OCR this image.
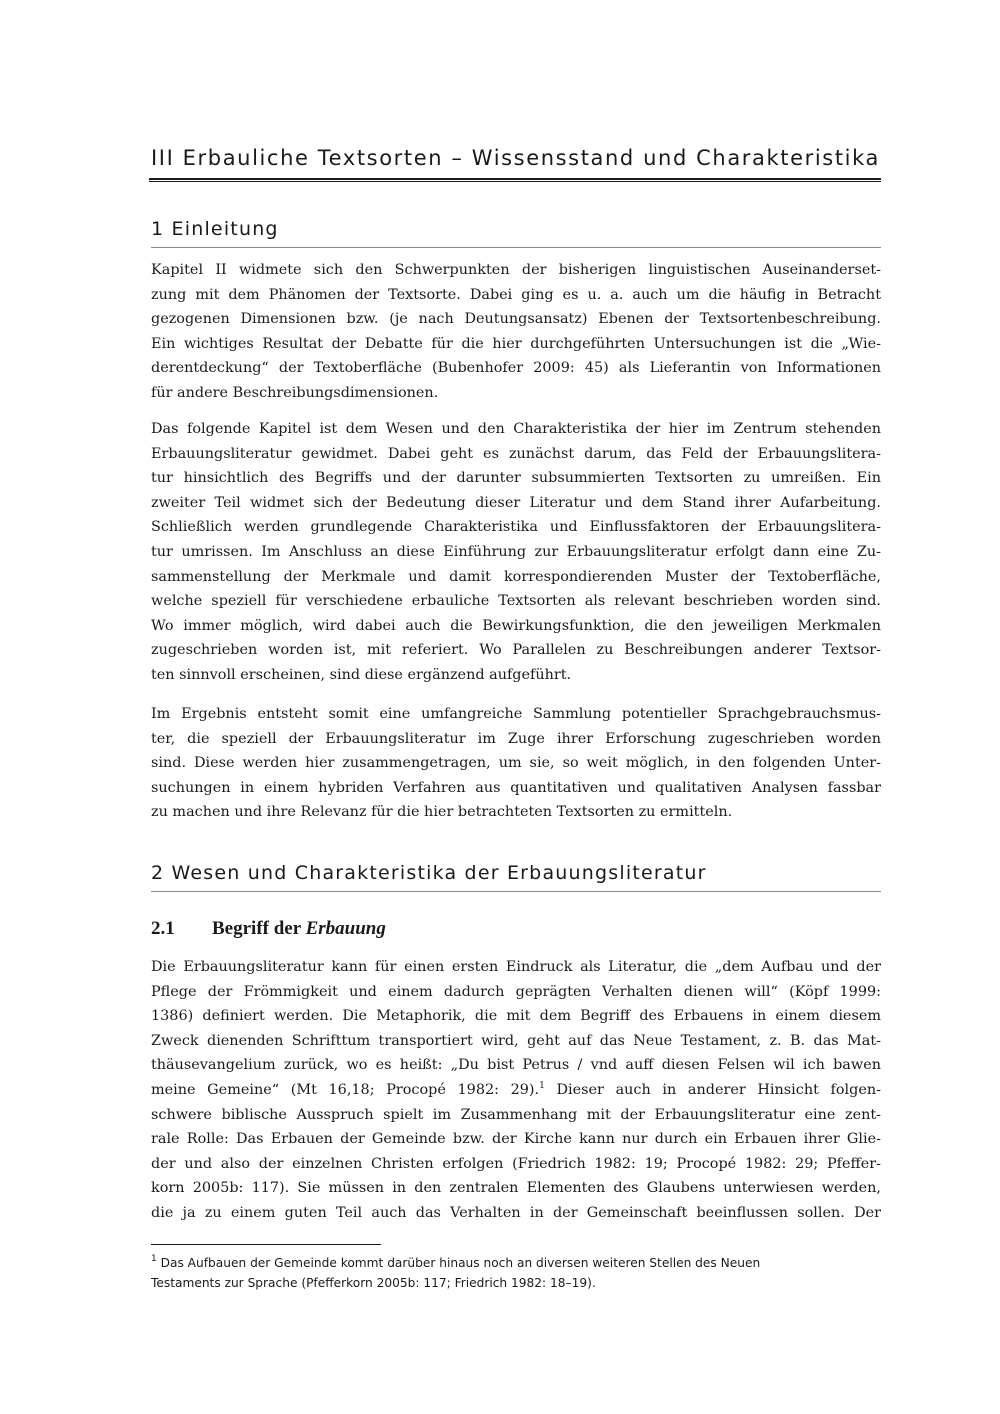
III Erbauliche Textsorten – Wissensstand und Charakteristika
1 Einleitung

Kapitel II widmete sich den Schwerpunkten der bisherigen linguistischen Auseinanderset-
zung mit dem Phänomen der Textsorte. Dabei ging es u. a. auch um die häufig in Betracht
gezogenen Dimensionen bzw. (je nach Deutungsansatz) Ebenen der Textsortenbeschreibung.
Ein wichtiges Resultat der Debatte für die hier durchgeführten Untersuchungen ist die „Wie-
derentdeckung“ der Textoberfläche (Bubenhofer 2009: 45) als Lieferantin von Informationen
für andere Beschreibungsdimensionen.

Das folgende Kapitel ist dem Wesen und den Charakteristika der hier im Zentrum stehenden
Erbauungsliteratur gewidmet. Dabei geht es zunächst darum, das Feld der Erbauungslitera-
tur hinsichtlich des Begriffs und der darunter subsummierten Textsorten zu umreißen. Ein
zweiter Teil widmet sich der Bedeutung dieser Literatur und dem Stand ihrer Aufarbeitung.
Schließlich werden grundlegende Charakteristika und Einflussfaktoren der Erbauungslitera-
tur umrissen. Im Anschluss an diese Einführung zur Erbauungsliteratur erfolgt dann eine Zu-
sammenstellung der Merkmale und damit korrespondierenden Muster der Textoberfläche,
welche speziell für verschiedene erbauliche Textsorten als relevant beschrieben worden sind.
Wo immer möglich, wird dabei auch die Bewirkungsfunktion, die den jeweiligen Merkmalen
zugeschrieben worden ist, mit referiert. Wo Parallelen zu Beschreibungen anderer Textsor-
ten sinnvoll erscheinen, sind diese ergänzend aufgeführt.

Im Ergebnis entsteht somit eine umfangreiche Sammlung potentieller Sprachgebrauchsmus-
ter, die speziell der Erbauungsliteratur im Zuge ihrer Erforschung zugeschrieben worden
sind. Diese werden hier zusammengetragen, um sie, so weit möglich, in den folgenden Unter-
suchungen in einem hybriden Verfahren aus quantitativen und qualitativen Analysen fassbar
zu machen und ihre Relevanz für die hier betrachteten Textsorten zu ermitteln.

2 Wesen und Charakteristika der Erbauungsliteratur
2.1 Begriff der Erbauung

Die Erbauungsliteratur kann für einen ersten Eindruck als Literatur, die „dem Aufbau und der
Pflege der Frömmigkeit und einem dadurch geprägten Verhalten dienen will“ (Köpf 1999:
1386) definiert werden. Die Metaphorik, die mit dem Begriff des Erbauens in einem diesem
Zweck dienenden Schrifttum transportiert wird, geht auf das Neue Testament, z. B. das Mat-
thäusevangelium zurück, wo es heißt: „Du bist Petrus / vnd auff diesen Felsen wil ich bawen
meine Gemeine“ (Mt 16,18; Procopé 1982: 29).$^1$ Dieser auch in anderer Hinsicht folgen-
schwere biblische Ausspruch spielt im Zusammenhang mit der Erbauungsliteratur eine zent-
rale Rolle: Das Erbauen der Gemeinde bzw. der Kirche kann nur durch ein Erbauen ihrer Glie-
der und also der einzelnen Christen erfolgen (Friedrich 1982: 19; Procopé 1982: 29; Pfeffer-
korn 2005b: 117). Sie müssen in den zentralen Elementen des Glaubens unterwiesen werden,
die ja zu einem guten Teil auch das Verhalten in der Gemeinschaft beeinflussen sollen. Der

$^1$ Das Aufbauen der Gemeinde kommt darüber hinaus noch an diversen weiteren Stellen des Neuen
Testaments zur Sprache (Pfefferkorn 2005b: 117; Friedrich 1982: 18–19).
